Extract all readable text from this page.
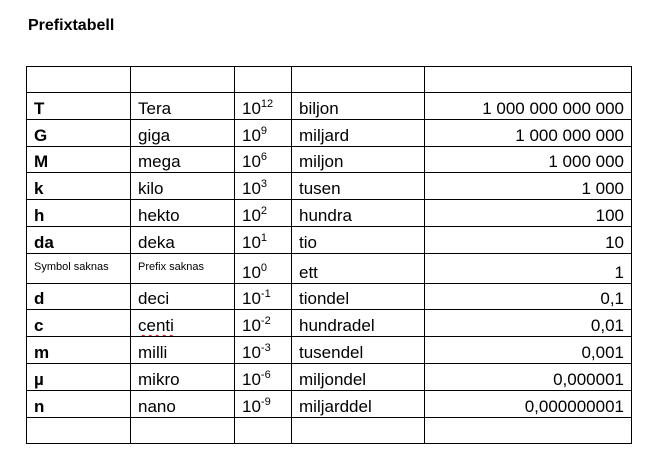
Prefixtabell

T	Tera	$10^{12}$	biljon	1 000 000 000 000
G	giga	$10^9$	miljard	1 000 000 000
M	mega	$10^6$	miljon	1 000 000
k	kilo	$10^3$	tusen	1 000
h	hekto	$10^2$	hundra	100
da	deka	$10^1$	tio	10
Symbol saknas	Prefix saknas	$10^0$	ett	1
d	deci	$10^{-1}$	tiondel	0,1
c	centi	$10^{-2}$	hundradel	0,01
m	milli	$10^{-3}$	tusendel	0,001
µ	mikro	$10^{-6}$	miljondel	0,000001
n	nano	$10^{-9}$	miljarddel	0,000000001
